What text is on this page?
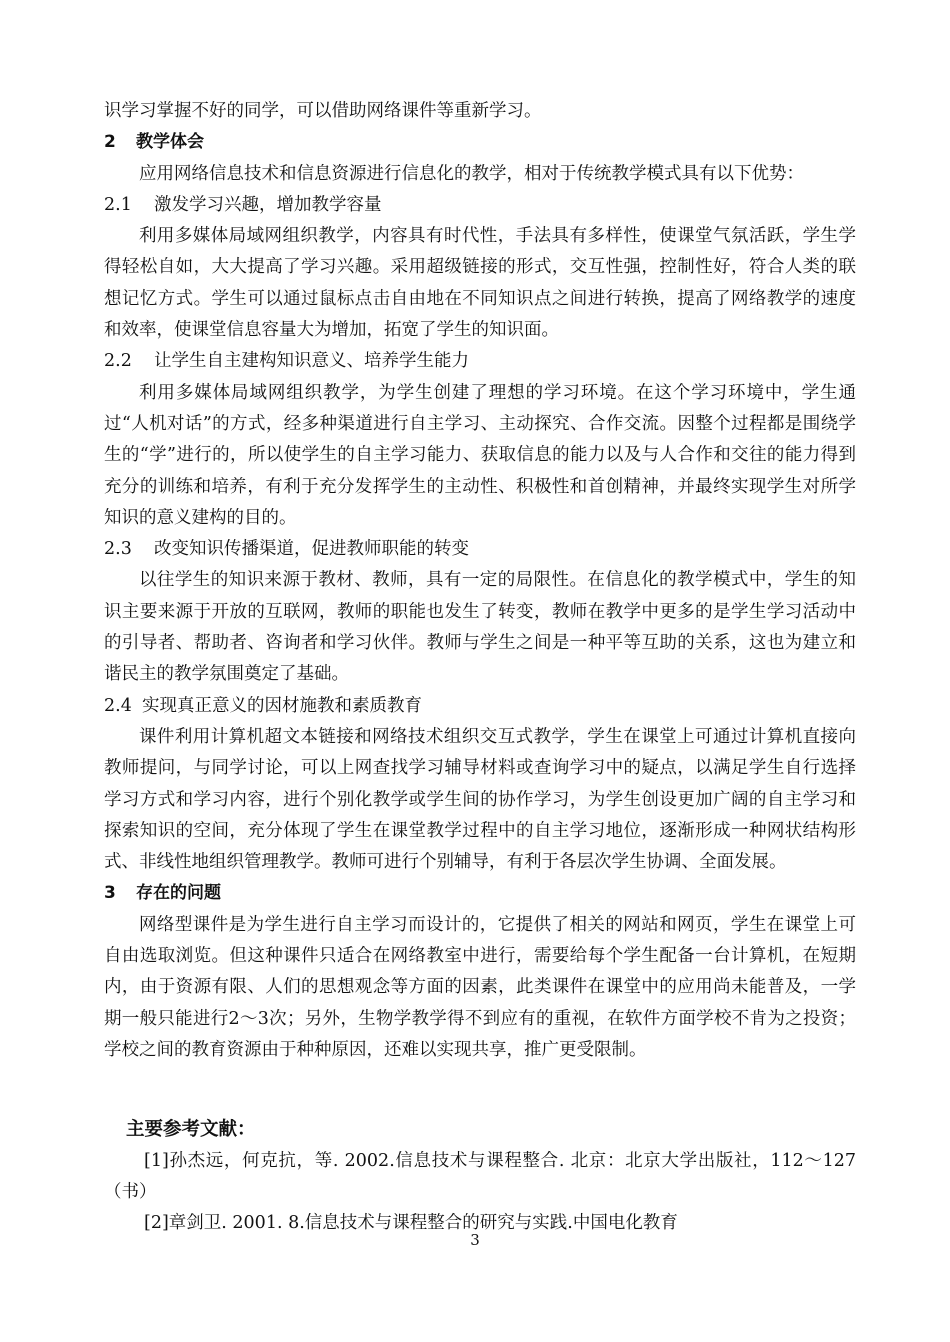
识学习掌握不好的同学，可以借助网络课件等重新学习。

2 教学体会

应用网络信息技术和信息资源进行信息化的教学，相对于传统教学模式具有以下优势：

2.1 激发学习兴趣，增加教学容量

利用多媒体局域网组织教学，内容具有时代性，手法具有多样性，使课堂气氛活跃，学生学得轻松自如，大大提高了学习兴趣。采用超级链接的形式，交互性强，控制性好，符合人类的联想记忆方式。学生可以通过鼠标点击自由地在不同知识点之间进行转换，提高了网络教学的速度和效率，使课堂信息容量大为增加，拓宽了学生的知识面。

2.2 让学生自主建构知识意义、培养学生能力

利用多媒体局域网组织教学，为学生创建了理想的学习环境。在这个学习环境中，学生通过“人机对话”的方式，经多种渠道进行自主学习、主动探究、合作交流。因整个过程都是围绕学生的“学”进行的，所以使学生的自主学习能力、获取信息的能力以及与人合作和交往的能力得到充分的训练和培养，有利于充分发挥学生的主动性、积极性和首创精神，并最终实现学生对所学知识的意义建构的目的。

2.3 改变知识传播渠道，促进教师职能的转变

以往学生的知识来源于教材、教师，具有一定的局限性。在信息化的教学模式中，学生的知识主要来源于开放的互联网，教师的职能也发生了转变，教师在教学中更多的是学生学习活动中的引导者、帮助者、咨询者和学习伙伴。教师与学生之间是一种平等互助的关系，这也为建立和谐民主的教学氛围奠定了基础。

2.4 实现真正意义的因材施教和素质教育

课件利用计算机超文本链接和网络技术组织交互式教学，学生在课堂上可通过计算机直接向教师提问，与同学讨论，可以上网查找学习辅导材料或查询学习中的疑点，以满足学生自行选择学习方式和学习内容，进行个别化教学或学生间的协作学习，为学生创设更加广阔的自主学习和探索知识的空间，充分体现了学生在课堂教学过程中的自主学习地位，逐渐形成一种网状结构形式、非线性地组织管理教学。教师可进行个别辅导，有利于各层次学生协调、全面发展。

3 存在的问题

网络型课件是为学生进行自主学习而设计的，它提供了相关的网站和网页，学生在课堂上可自由选取浏览。但这种课件只适合在网络教室中进行，需要给每个学生配备一台计算机，在短期内，由于资源有限、人们的思想观念等方面的因素，此类课件在课堂中的应用尚未能普及，一学期一般只能进行2～3次；另外，生物学教学得不到应有的重视，在软件方面学校不肯为之投资；学校之间的教育资源由于种种原因，还难以实现共享，推广更受限制。

主要参考文献：

[1]孙杰远，何克抗，等. 2002.信息技术与课程整合. 北京：北京大学出版社，112～127 （书）

[2]章剑卫. 2001. 8.信息技术与课程整合的研究与实践.中国电化教育

3
